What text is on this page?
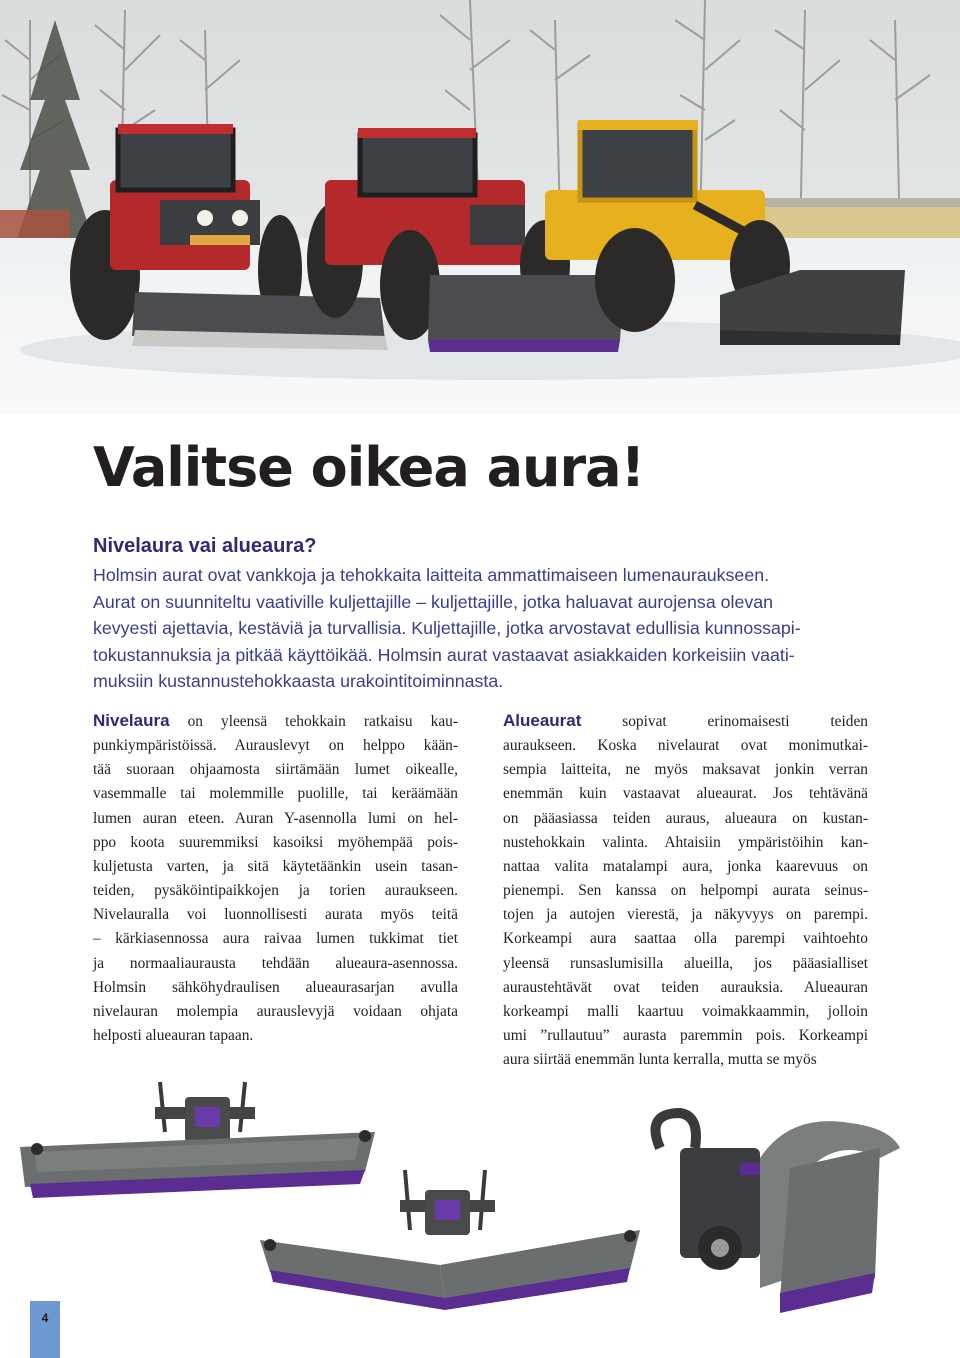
Valitse oikea aura!
Nivelaura vai alueaura?
Holmsin aurat ovat vankkoja ja tehokkaita laitteita ammattimaiseen lumenauraukseen.
Aurat on suunniteltu vaativille kuljettajille – kuljettajille, jotka haluavat aurojensa olevan
kevyesti ajettavia, kestäviä ja turvallisia. Kuljettajille, jotka arvostavat edullisia kunnossapi-
tokustannuksia ja pitkää käyttöikää. Holmsin aurat vastaavat asiakkaiden korkeisiin vaati-
muksiin kustannustehokkaasta urakointitoiminnasta.
Nivelaura on yleensä tehokkain ratkaisu kau-
punkiympäristöissä. Aurauslevyt on helppo kään-
tää suoraan ohjaamosta siirtämään lumet oikealle,
vasemmalle tai molemmille puolille, tai keräämään
lumen auran eteen. Auran Y-asennolla lumi on hel-
ppo koota suuremmiksi kasoiksi myöhempää pois-
kuljetusta varten, ja sitä käytetäänkin usein tasan-
teiden, pysäköintipaikkojen ja torien auraukseen.
Nivelauralla voi luonnollisesti aurata myös teitä
– kärkiasennossa aura raivaa lumen tukkimat tiet
ja normaaliaurausta tehdään alueaura-asennossa.
Holmsin sähköhydraulisen alueaurasarjan avulla
nivelauran molempia aurauslevyjä voidaan ohjata
helposti alueauran tapaan.
Alueaurat	sopivat erinomaisesti teiden
auraukseen. Koska nivelaurat ovat monimutkai-
sempia laitteita, ne myös maksavat jonkin verran
enemmän kuin vastaavat alueaurat. Jos tehtävänä
on pääasiassa teiden auraus, alueaura on kustan-
nustehokkain valinta. Ahtaisiin ympäristöihin kan-
nattaa valita matalampi aura, jonka kaarevuus on
pienempi. Sen kanssa on helpompi aurata seinus-
tojen ja autojen vierestä, ja näkyvyys on parempi.
Korkeampi aura saattaa olla parempi vaihtoehto
yleensä runsaslumisilla alueilla, jos pääasialliset
auraustehtävät ovat teiden aurauksia. Alueauran
korkeampi malli kaartuu voimakkaammin, jolloin
umi ”rullautuu” aurasta paremmin pois. Korkeampi
aura siirtää enemmän lunta kerralla, mutta se myös
4
